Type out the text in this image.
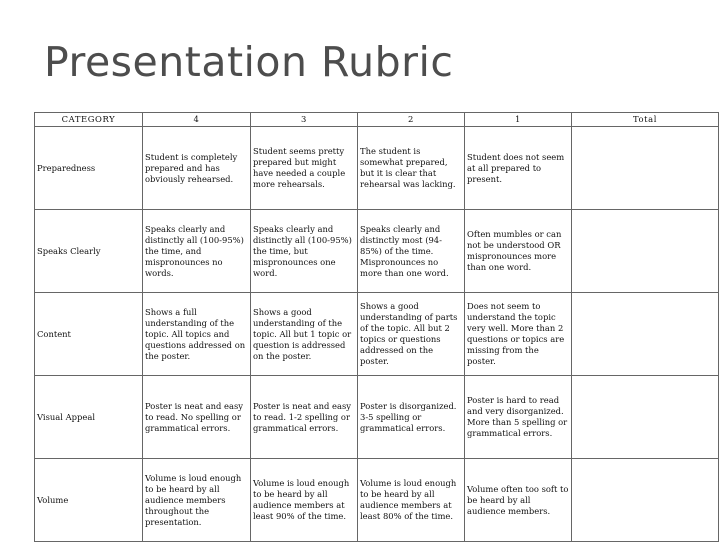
Presentation Rubric
CATEGORY	4	3	2	1	Total
Preparedness	Student is completely prepared and has obviously rehearsed.	Student seems pretty prepared but might have needed a couple more rehearsals.	The student is somewhat prepared, but it is clear that rehearsal was lacking.	Student does not seem at all prepared to present.	
Speaks Clearly	Speaks clearly and distinctly all (100-95%) the time, and mispronounces no words.	Speaks clearly and distinctly all (100-95%) the time, but mispronounces one word.	Speaks clearly and distinctly most (94-85%) of the time. Mispronounces no more than one word.	Often mumbles or can not be understood OR mispronounces more than one word.	
Content	Shows a full understanding of the topic. All topics and questions addressed on the poster.	Shows a good understanding of the topic. All but 1 topic or question is addressed on the poster.	Shows a good understanding of parts of the topic. All but 2 topics or questions addressed on the poster.	Does not seem to understand the topic very well. More than 2 questions or topics are missing from the poster.	
Visual Appeal	Poster is neat and easy to read. No spelling or grammatical errors.	Poster is neat and easy to read. 1-2 spelling or grammatical errors.	Poster is disorganized. 3-5 spelling or grammatical errors.	Poster is hard to read and very disorganized. More than 5 spelling or grammatical errors.	
Volume	Volume is loud enough to be heard by all audience members throughout the presentation.	Volume is loud enough to be heard by all audience members at least 90% of the time.	Volume is loud enough to be heard by all audience members at least 80% of the time.	Volume often too soft to be heard by all audience members.	
